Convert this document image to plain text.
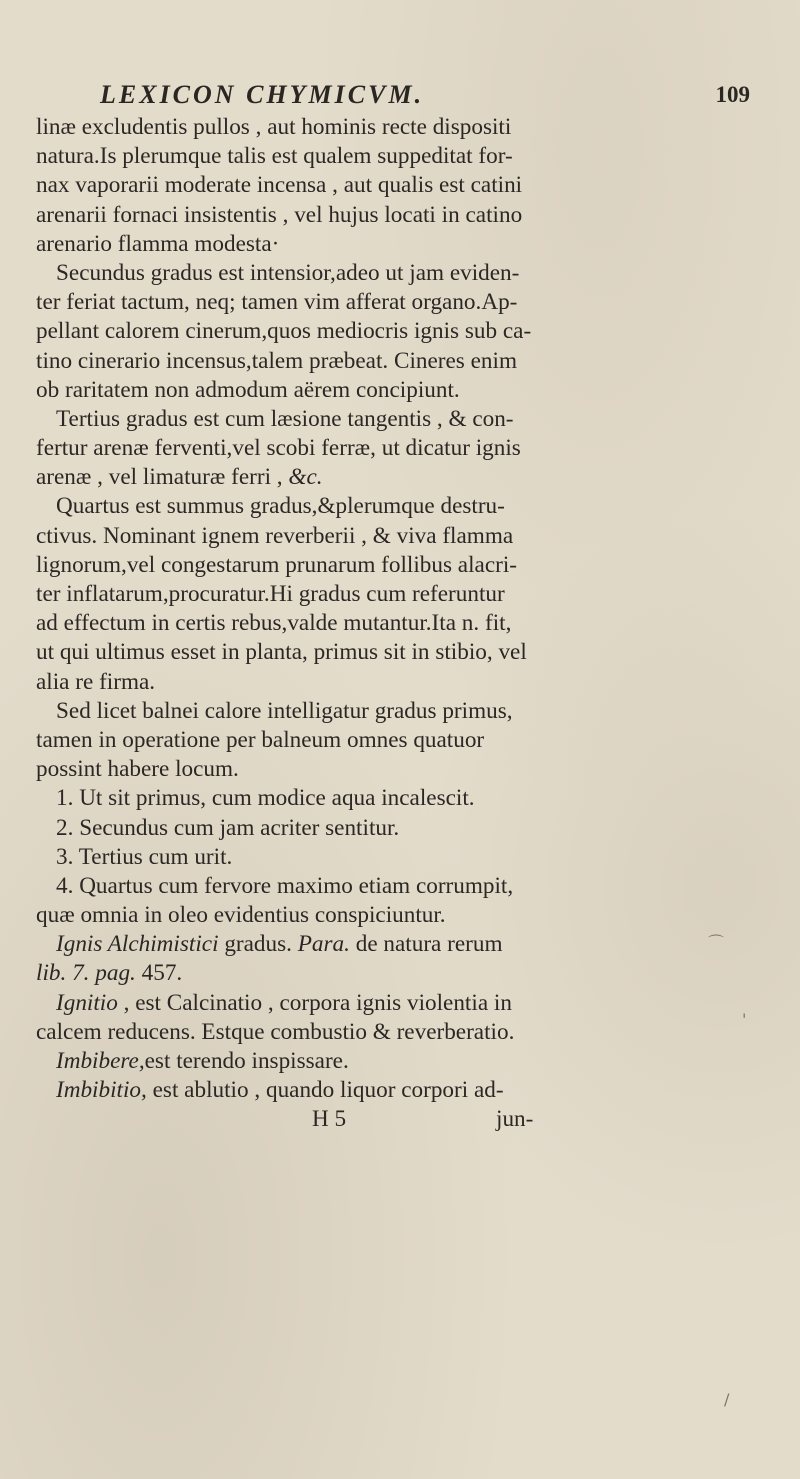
LEXICON CHYMICVM.	109
linæ excludentis pullos , aut hominis recte dispositi
natura.Is plerumque talis est qualem suppeditat for-
nax vaporarii moderate incensa , aut qualis est catini
arenarii fornaci insistentis , vel hujus locati in catino
arenario flamma modesta·
Secundus gradus est intensior,adeo ut jam eviden-
ter feriat tactum, neq; tamen vim afferat organo.Ap-
pellant calorem cinerum,quos mediocris ignis sub ca-
tino cinerario incensus,talem præbeat. Cineres enim
ob raritatem non admodum aërem concipiunt.
Tertius gradus est cum læsione tangentis , & con-
fertur arenæ ferventi,vel scobi ferræ, ut dicatur ignis
arenæ , vel limaturæ ferri , &c.
Quartus est summus gradus,&plerumque destru-
ctivus. Nominant ignem reverberii , & viva flamma
lignorum,vel congestarum prunarum follibus alacri-
ter inflatarum,procuratur.Hi gradus cum referuntur
ad effectum in certis rebus,valde mutantur.Ita n. fit,
ut qui ultimus esset in planta, primus sit in stibio, vel
alia re firma.
Sed licet balnei calore intelligatur gradus primus,
tamen in operatione per balneum omnes quatuor
possint habere locum.
1. Ut sit primus, cum modice aqua incalescit.
2. Secundus cum jam acriter sentitur.
3. Tertius cum urit.
4. Quartus cum fervore maximo etiam corrumpit,
quæ omnia in oleo evidentius conspiciuntur.
Ignis Alchimistici gradus. Para. de natura rerum
lib. 7. pag. 457.
Ignitio , est Calcinatio , corpora ignis violentia in
calcem reducens. Estque combustio & reverberatio.
Imbibere,est terendo inspissare.
Imbibitio, est ablutio , quando liquor corpori ad-
H 5	jun-
⌒
'
/
